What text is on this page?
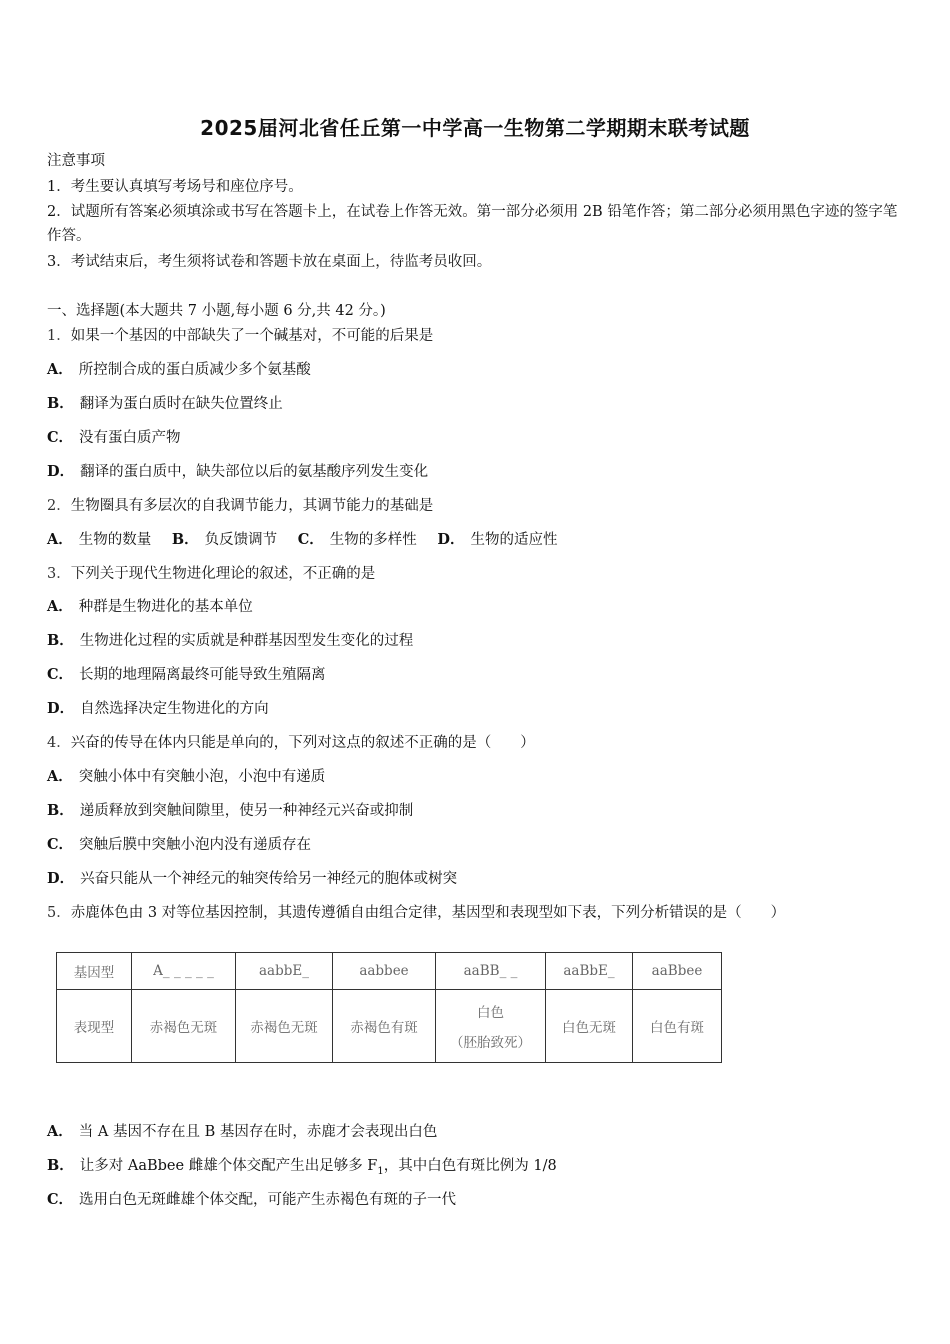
2025届河北省任丘第一中学高一生物第二学期期末联考试题
注意事项
1．考生要认真填写考场号和座位序号。
2．试题所有答案必须填涂或书写在答题卡上，在试卷上作答无效。第一部分必须用 2B 铅笔作答；第二部分必须用黑色字迹的签字笔作答。
3．考试结束后，考生须将试卷和答题卡放在桌面上，待监考员收回。
一、选择题(本大题共 7 小题,每小题 6 分,共 42 分。)
1．如果一个基因的中部缺失了一个碱基对，不可能的后果是
A． 所控制合成的蛋白质减少多个氨基酸
B． 翻译为蛋白质时在缺失位置终止
C． 没有蛋白质产物
D． 翻译的蛋白质中，缺失部位以后的氨基酸序列发生变化
2．生物圈具有多层次的自我调节能力，其调节能力的基础是
A． 生物的数量 B． 负反馈调节 C． 生物的多样性 D． 生物的适应性
3．下列关于现代生物进化理论的叙述，不正确的是
A． 种群是生物进化的基本单位
B． 生物进化过程的实质就是种群基因型发生变化的过程
C． 长期的地理隔离最终可能导致生殖隔离
D． 自然选择决定生物进化的方向
4．兴奋的传导在体内只能是单向的，下列对这点的叙述不正确的是（　　）
A． 突触小体中有突触小泡，小泡中有递质
B． 递质释放到突触间隙里，使另一种神经元兴奋或抑制
C． 突触后膜中突触小泡内没有递质存在
D． 兴奋只能从一个神经元的轴突传给另一神经元的胞体或树突
5．赤鹿体色由 3 对等位基因控制，其遗传遵循自由组合定律，基因型和表现型如下表，下列分析错误的是（　　）
基因型	A_ _ _ _ _	aabbE_	aabbee	aaBB_ _	aaBbE_	aaBbee
表现型	赤褐色无斑	赤褐色无斑	赤褐色有斑	白色
（胚胎致死）	白色无斑	白色有斑
A． 当 A 基因不存在且 B 基因存在时，赤鹿才会表现出白色
B． 让多对 AaBbee 雌雄个体交配产生出足够多 $F_1$，其中白色有斑比例为 1/8
C． 选用白色无斑雌雄个体交配，可能产生赤褐色有斑的子一代
